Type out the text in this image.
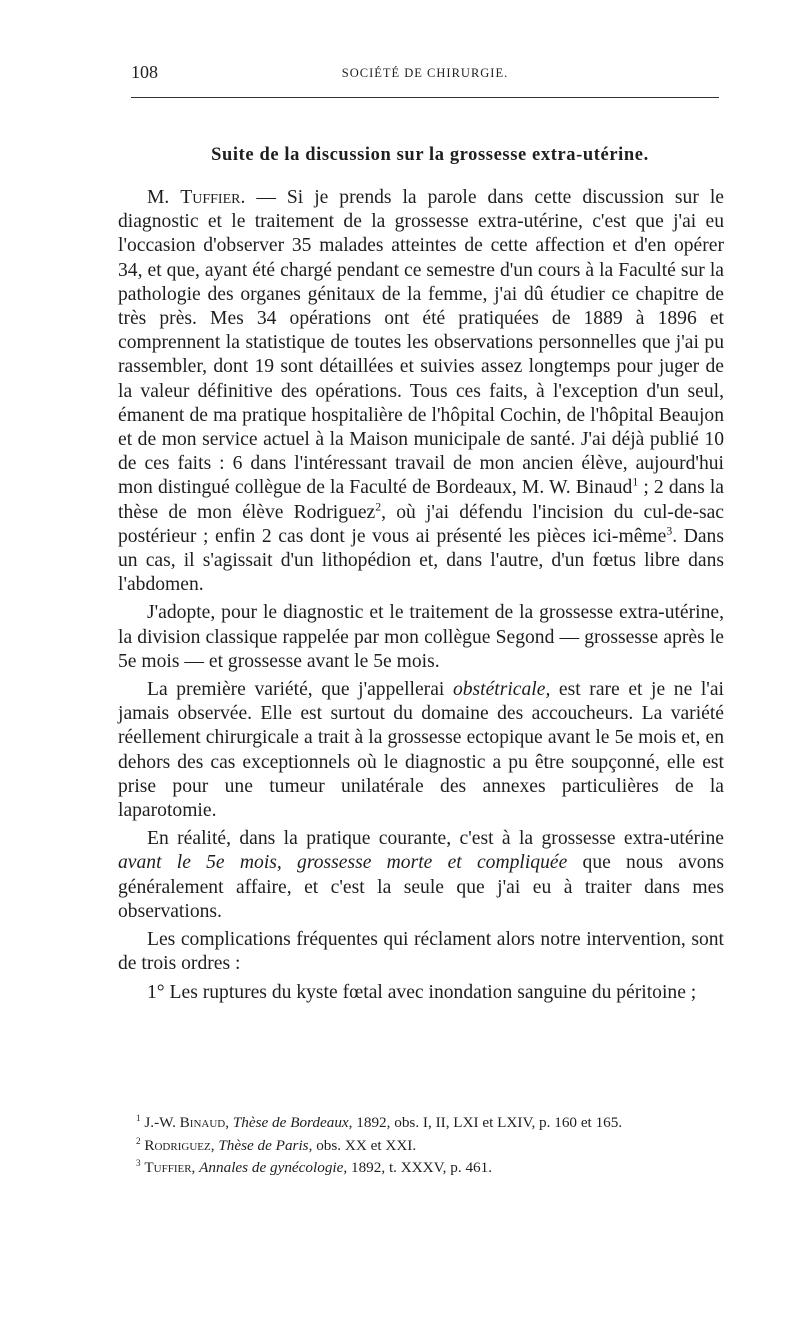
108	SOCIÉTÉ DE CHIRURGIE.
Suite de la discussion sur la grossesse extra-utérine.

M. Tuffier. — Si je prends la parole dans cette discussion sur le diagnostic et le traitement de la grossesse extra-utérine, c'est que j'ai eu l'occasion d'observer 35 malades atteintes de cette affection et d'en opérer 34, et que, ayant été chargé pendant ce semestre d'un cours à la Faculté sur la pathologie des organes génitaux de la femme, j'ai dû étudier ce chapitre de très près. Mes 34 opérations ont été pratiquées de 1889 à 1896 et comprennent la statistique de toutes les observations personnelles que j'ai pu rassembler, dont 19 sont détaillées et suivies assez longtemps pour juger de la valeur définitive des opérations. Tous ces faits, à l'exception d'un seul, émanent de ma pratique hospitalière de l'hôpital Cochin, de l'hôpital Beaujon et de mon service actuel à la Maison municipale de santé. J'ai déjà publié 10 de ces faits : 6 dans l'intéressant travail de mon ancien élève, aujourd'hui mon distingué collègue de la Faculté de Bordeaux, M. W. Binaud$^1$ ; 2 dans la thèse de mon élève Rodriguez$^2$, où j'ai défendu l'incision du cul-de-sac postérieur ; enfin 2 cas dont je vous ai présenté les pièces ici-même$^3$. Dans un cas, il s'agissait d'un lithopédion et, dans l'autre, d'un fœtus libre dans l'abdomen.

J'adopte, pour le diagnostic et le traitement de la grossesse extra-utérine, la division classique rappelée par mon collègue Segond — grossesse après le 5e mois — et grossesse avant le 5e mois.

La première variété, que j'appellerai obstétricale, est rare et je ne l'ai jamais observée. Elle est surtout du domaine des accoucheurs. La variété réellement chirurgicale a trait à la grossesse ectopique avant le 5e mois et, en dehors des cas exceptionnels où le diagnostic a pu être soupçonné, elle est prise pour une tumeur unilatérale des annexes particulières de la laparotomie.

En réalité, dans la pratique courante, c'est à la grossesse extra-utérine avant le 5e mois, grossesse morte et compliquée que nous avons généralement affaire, et c'est la seule que j'ai eu à traiter dans mes observations.

Les complications fréquentes qui réclament alors notre intervention, sont de trois ordres :

1° Les ruptures du kyste fœtal avec inondation sanguine du péritoine ;

$^1$ J.-W. Binaud, Thèse de Bordeaux, 1892, obs. I, II, LXI et LXIV, p. 160 et 165.

$^2$ Rodriguez, Thèse de Paris, obs. XX et XXI.

$^3$ Tuffier, Annales de gynécologie, 1892, t. XXXV, p. 461.
